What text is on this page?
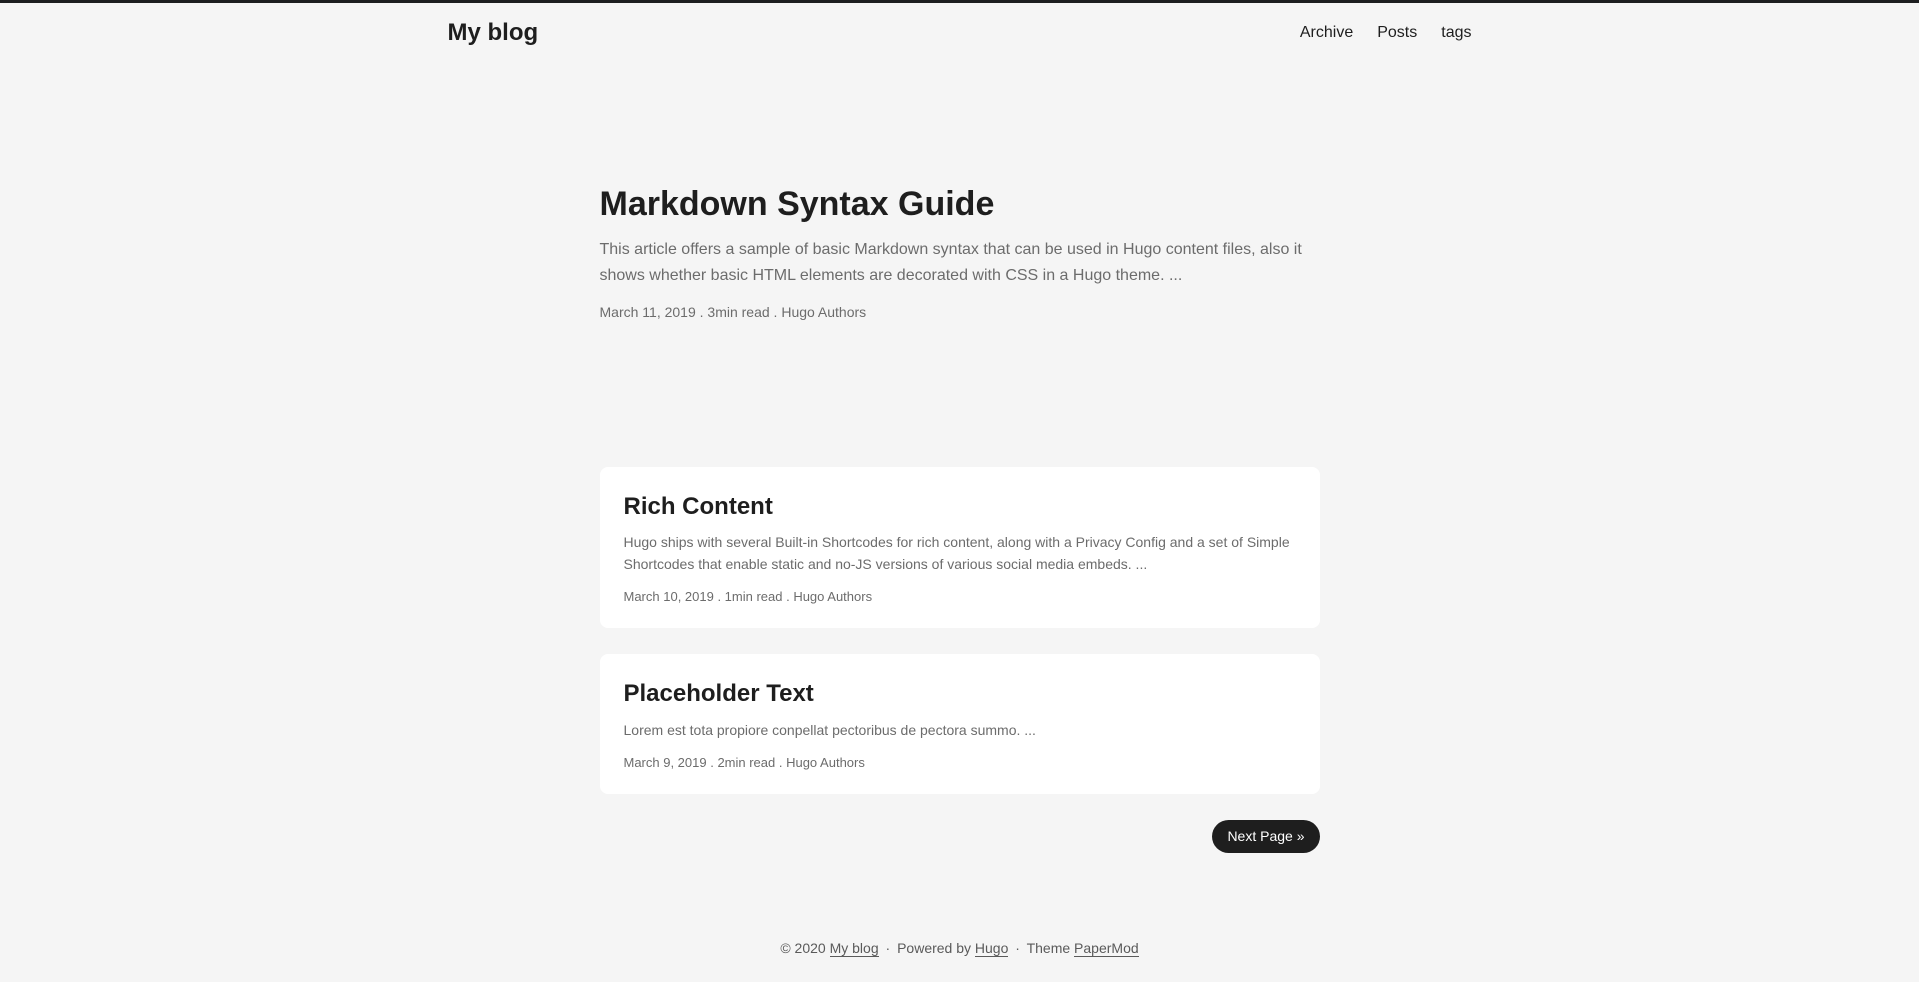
My blog	Archive Posts tags
Markdown Syntax Guide
This article offers a sample of basic Markdown syntax that can be used in Hugo content files, also it shows whether basic HTML elements are decorated with CSS in a Hugo theme. ...
March 11, 2019 . 3min read . Hugo Authors
Rich Content
Hugo ships with several Built-in Shortcodes for rich content, along with a Privacy Config and a set of Simple Shortcodes that enable static and no-JS versions of various social media embeds. ...
March 10, 2019 . 1min read . Hugo Authors
Placeholder Text
Lorem est tota propiore conpellat pectoribus de pectora summo. ...
March 9, 2019 . 2min read . Hugo Authors
Next Page »
© 2020 My blog · Powered by Hugo · Theme PaperMod
